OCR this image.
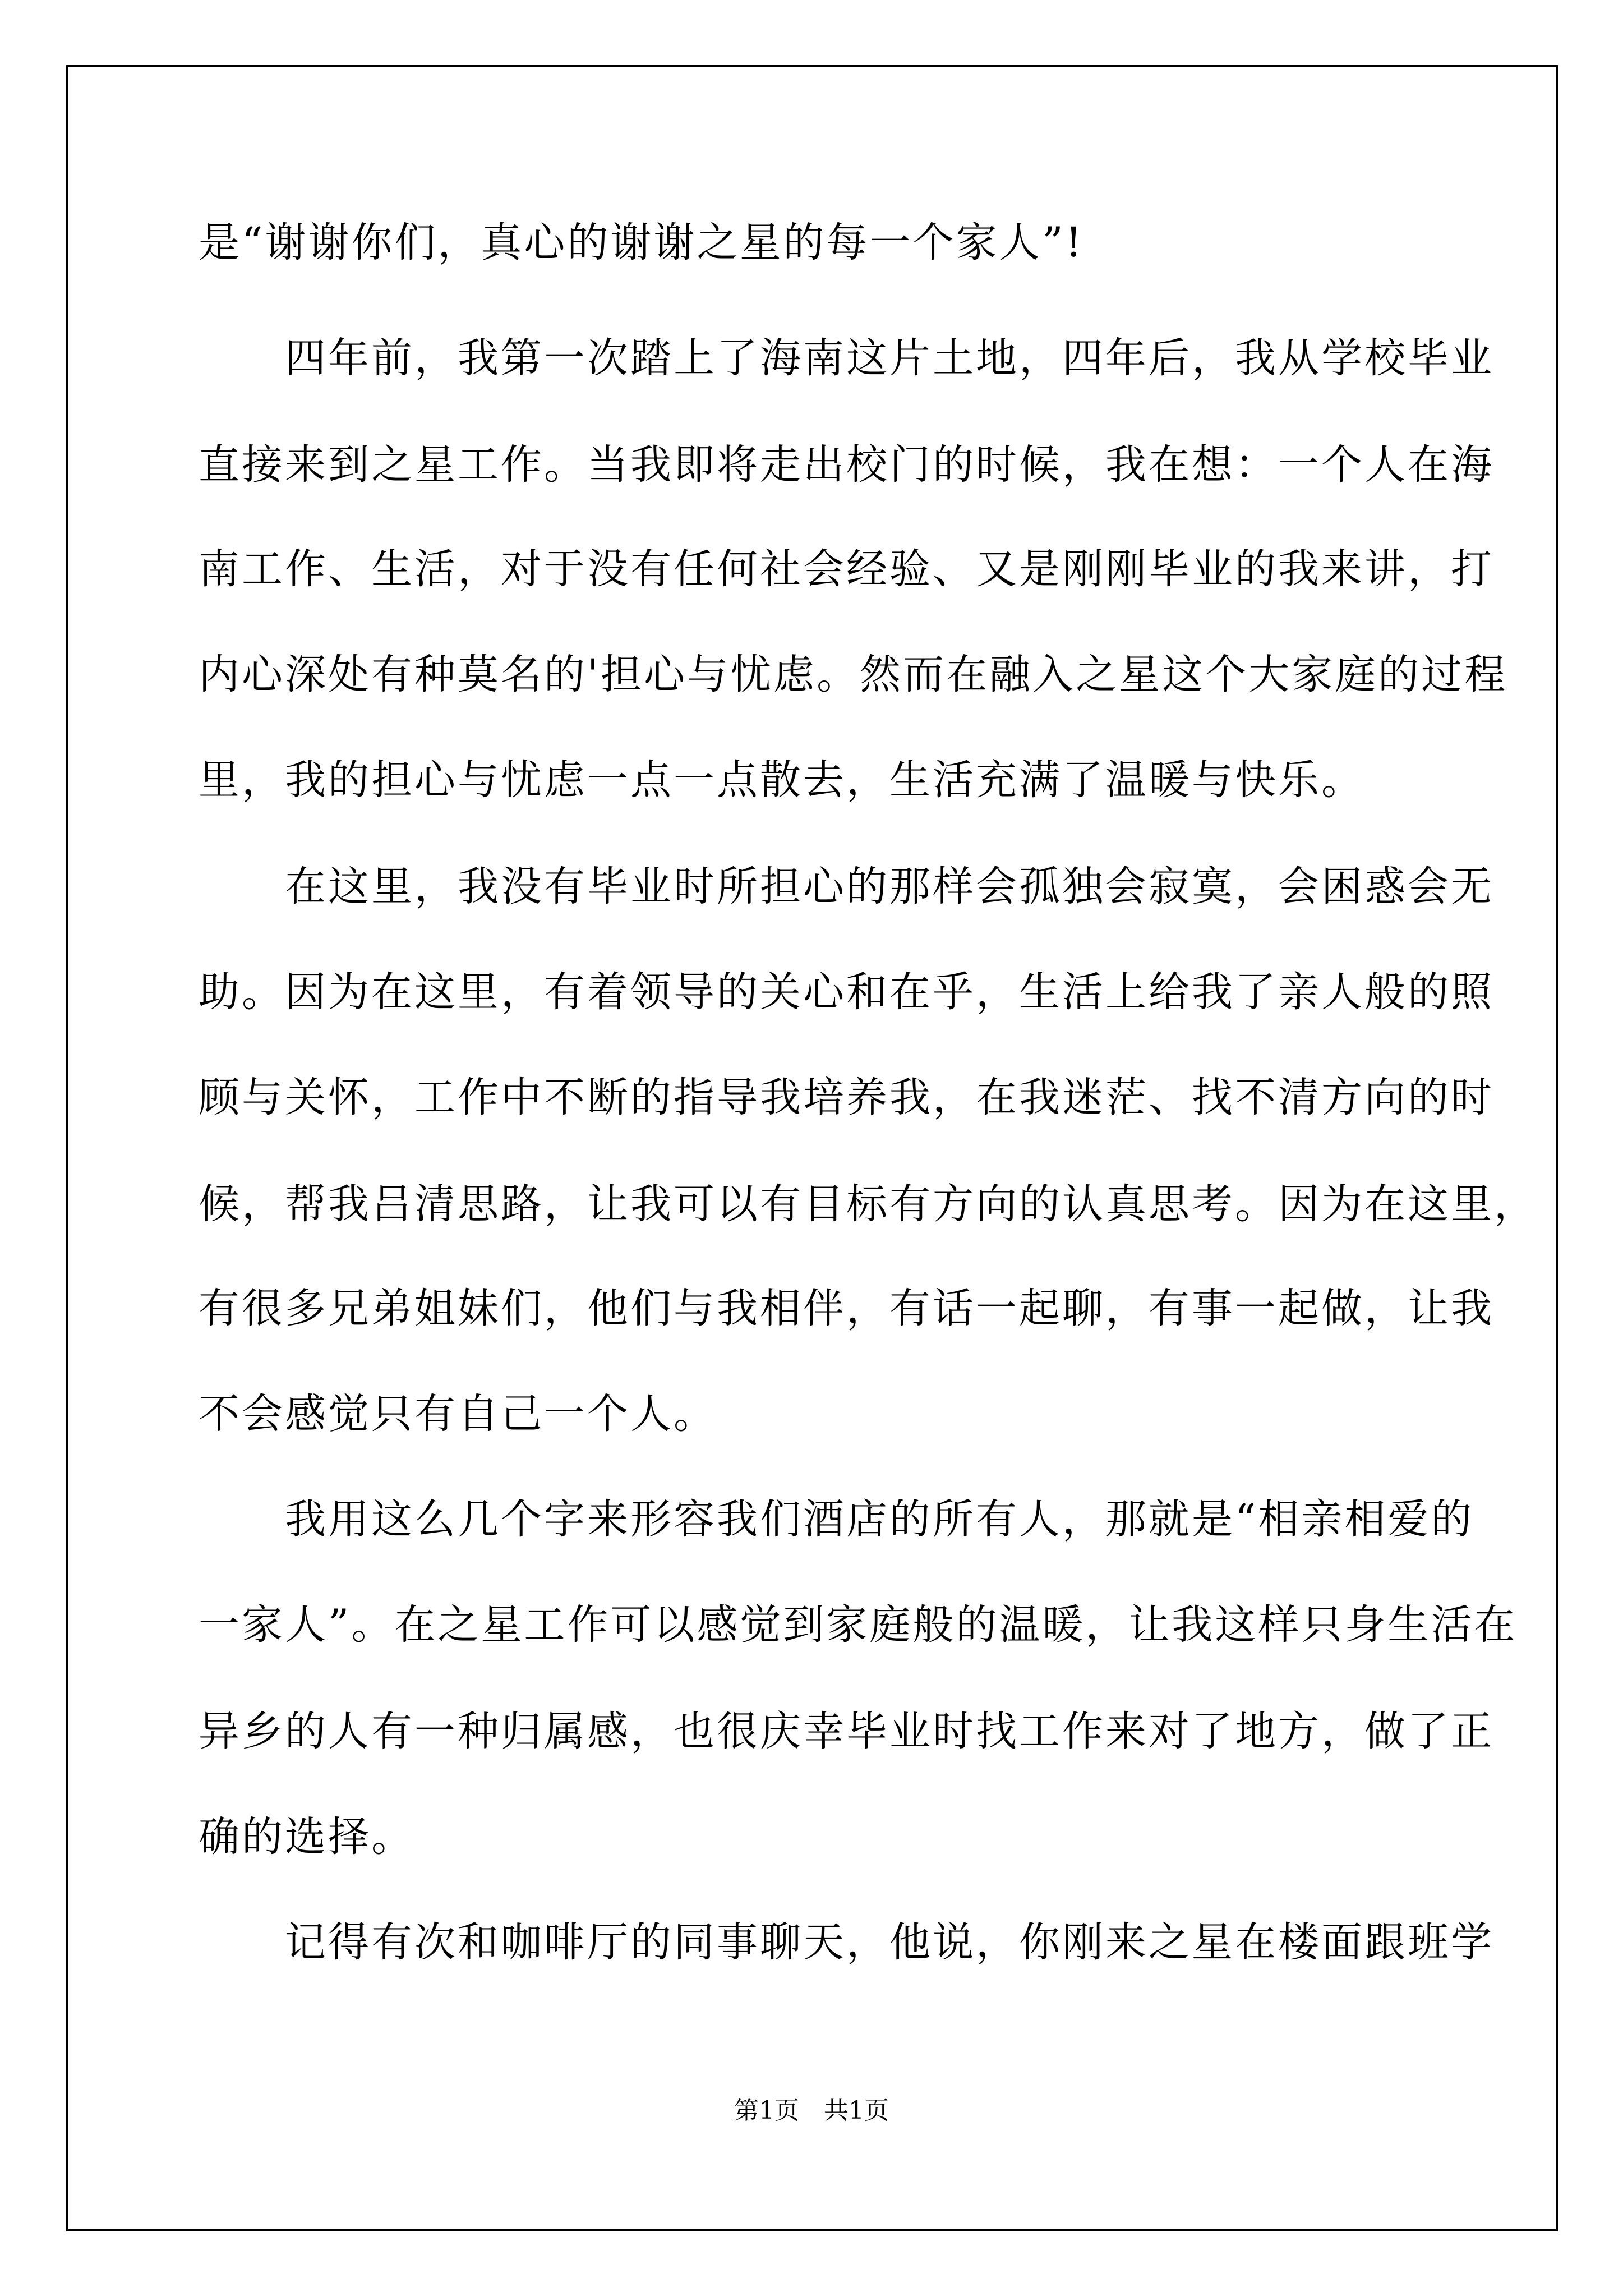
是“谢谢你们，真心的谢谢之星的每一个家人”!
　　四年前，我第一次踏上了海南这片土地，四年后，我从学校毕业
直接来到之星工作。当我即将走出校门的时候，我在想：一个人在海
南工作、生活，对于没有任何社会经验、又是刚刚毕业的我来讲，打
内心深处有种莫名的'担心与忧虑。然而在融入之星这个大家庭的过程
里，我的担心与忧虑一点一点散去，生活充满了温暖与快乐。
　　在这里，我没有毕业时所担心的那样会孤独会寂寞，会困惑会无
助。因为在这里，有着领导的关心和在乎，生活上给我了亲人般的照
顾与关怀，工作中不断的指导我培养我，在我迷茫、找不清方向的时
候，帮我吕清思路，让我可以有目标有方向的认真思考。因为在这里，
有很多兄弟姐妹们，他们与我相伴，有话一起聊，有事一起做，让我
不会感觉只有自己一个人。
　　我用这么几个字来形容我们酒店的所有人，那就是“相亲相爱的
一家人”。在之星工作可以感觉到家庭般的温暖，让我这样只身生活在
异乡的人有一种归属感，也很庆幸毕业时找工作来对了地方，做了正
确的选择。
　　记得有次和咖啡厅的同事聊天，他说，你刚来之星在楼面跟班学
第1页　共1页
